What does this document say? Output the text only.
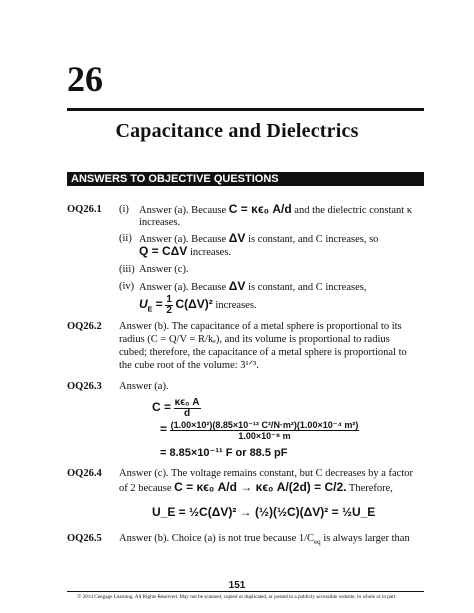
26
Capacitance and Dielectrics
ANSWERS TO OBJECTIVE QUESTIONS
OQ26.1 (i) Answer (a). Because C = κϵ₀ A/d and the dielectric constant κ
increases.
(ii) Answer (a). Because ΔV is constant, and C increases, so
Q = CΔV increases.
(iii) Answer (c).
(iv) Answer (a). Because ΔV is constant, and C increases,
$U_E = \frac{1}{2} C(\Delta V)^2$ increases.
OQ26.2 Answer (b). The capacitance of a metal sphere is proportional to its
radius (C = Q/V = R/kₑ), and its volume is proportional to radius
cubed; therefore, the capacitance of a metal sphere is proportional to
the cube root of the volume: 3¹ᐟ³.
OQ26.3 Answer (a).
$C = \frac{\text{κϵ₀ A}}{d}$
= $\frac{\text{(1.00×10²)(8.85×10⁻¹² C²/N·m²)(1.00×10⁻⁴ m²)}}{\text{1.00×10⁻⁸ m}}$
= 8.85×10⁻¹¹ F or 88.5 pF
OQ26.4 Answer (c). The voltage remains constant, but C decreases by a factor
of 2 because C = κϵ₀ A/d → κϵ₀ A/(2d) = C/2. Therefore,
U_E = ½C(ΔV)² → (½)(½C)(ΔV)² = ½U_E
OQ26.5 Answer (b). Choice (a) is not true because $1/C_{eq}$ is always larger than
151
© 2014 Cengage Learning. All Rights Reserved. May not be scanned, copied or duplicated, or posted to a publicly accessible website, in whole or in part.
